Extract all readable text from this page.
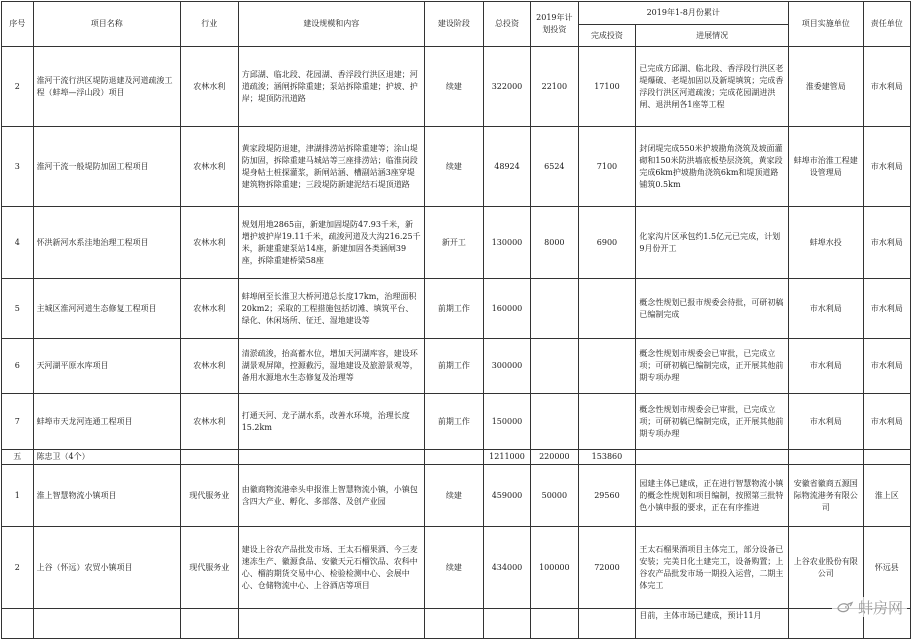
序号	项目名称	行业	建设规模和内容	建设阶段	总投资	2019年计划投资	2019年1-8月份累计		项目实施单位	责任单位
							完成投资	进展情况		
2	淮河干流行洪区堤防退建及河道疏浚工程（蚌埠—浮山段）项目	农林水利	方邱湖、临北段、花园湖、香浮段行洪区退建；河道疏浚；涵闸拆除重建；泵站拆除重建；护坡、护岸；堤顶防汛道路	续建	322000	22100	17100	已完成方邱湖、临北段、香浮段行洪区老堤爆破、老堤加固以及新堤填筑；完成香浮段行洪区河道疏浚；完成花园湖进洪闸、退洪闸各1座等工程	淮委建管局	市水利局
3	淮河干流一般堤防加固工程项目	农林水利	黄家段堤防退建，津湖排涝站拆除重建等；涂山堤防加固，拆除重建马城站等三座排涝站；临淮岗段堤身帖土桩探灌浆，新闸站涵、槽副站涵3座穿堤建筑物拆除重建；三段堤防新建泥结石堤顶道路	续建	48924	6524	7100	封闭堤完成550米护坡勘角浇筑及坡面灌砌和150米防洪墙底板垫层浇筑，黄家段完成6km护坡勘角浇筑6km和堤顶道路铺筑0.5km	蚌埠市治淮工程建设管理局	市水利局
4	怀洪新河水系洼地治理工程项目	农林水利	规划用地2865亩，新建加固堤防47.93千米，新增护坡护岸19.11千米，疏浚河道及大沟216.25千米，新建重建泵站14座，新建加固各类涵闸39座，拆除重建桥梁58座	新开工	130000	8000	6900	化家沟片区承包约1.5亿元已完成，计划9月份开工	蚌埠水投	市水利局
5	主城区淮河河道生态修复工程项目	农林水利	蚌埠闸至长淮卫大桥河道总长度17km，治理面积20km2；采取的工程措施包括切滩、填筑平台、绿化、休闲场所、征迁、湿地建设等	前期工作	160000			概念性规划已报市规委会待批，可研初稿已编制完成	市水利局	市水利局
6	天河湖平原水库项目	农林水利	清淤疏浚，抬高蓄水位，增加天河湖库容，建设环湖景观屏障，控源截污，湿地建设及旅游景观等，备用水源地水生态修复及治理等	前期工作	300000			概念性规划市规委会已审批，已完成立项；可研初稿已编制完成，正开展其他前期专项办理	市水利局	市水利局
7	蚌埠市天龙河连通工程项目	农林水利	打通天河、龙子湖水系，改善水环境，治理长度15.2km	前期工作	150000			概念性规划市规委会已审批，已完成立项；可研初稿已编制完成，正开展其他前期专项办理	市水利局	市水利局
五	陈忠卫（4个）				1211000	220000	153860			
1	淮上智慧物流小镇项目	现代服务业	由徽商物流港牵头申报淮上智慧物流小镇，小镇包含四大产业、孵化、多部落、及创产业园	续建	459000	50000	29560	园建主体已建成，正在进行智慧物流小镇的概念性规划和项目编制，按照第三批特色小镇申报的要求，正在有序推进	安徽省徽商五源国际物流港务有限公司	淮上区
2	上谷（怀远）农贸小镇项目	现代服务业	建设上谷农产品批发市场、王太石榴果酒、今三麦速冻生产、徽源食品、安徽天元石榴饮品、农科中心、榴韵期货交易中心、检验检测中心、会展中心、仓储物流中心、上谷酒店等项目	续建	434000	100000	72000	王太石榴果酒项目主体完工，部分设备已安装；完美日化土建完工，设备购置；上谷农产品批发市场一期投入运营，二期主体完工	上谷农业股份有限公司	怀远县
								目前，主体市场已建成，预计11月			蚌房网
